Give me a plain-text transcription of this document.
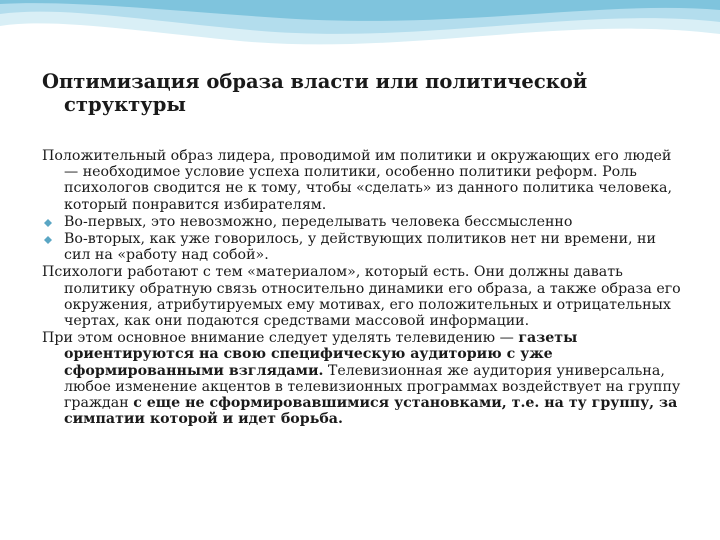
Оптимизация образа власти или политической структуры

Положительный образ лидера, проводимой им политики и окружающих его людей — необходимое условие успеха политики, особенно политики реформ. Роль психологов сводится не к тому, чтобы «сделать» из данного политика человека, который понравится избирателям.

Во-первых, это невозможно, переделывать человека бессмысленно
Во-вторых, как уже говорилось, у действующих политиков нет ни времени, ни сил на «работу над собой».

Психологи работают с тем «материалом», который есть. Они должны давать политику обратную связь относительно динамики его образа, а также образа его окружения, атрибутируемых ему мотивах, его положительных и отрицательных чертах, как они подаются средствами массовой информации.

При этом основное внимание следует уделять телевидению — газеты ориентируются на свою специфическую аудиторию с уже сформированными взглядами. Телевизионная же аудитория универсальна, любое изменение акцентов в телевизионных программах воздействует на группу граждан с еще не сформировавшимися установками, т.е. на ту группу, за симпатии которой и идет борьба.
